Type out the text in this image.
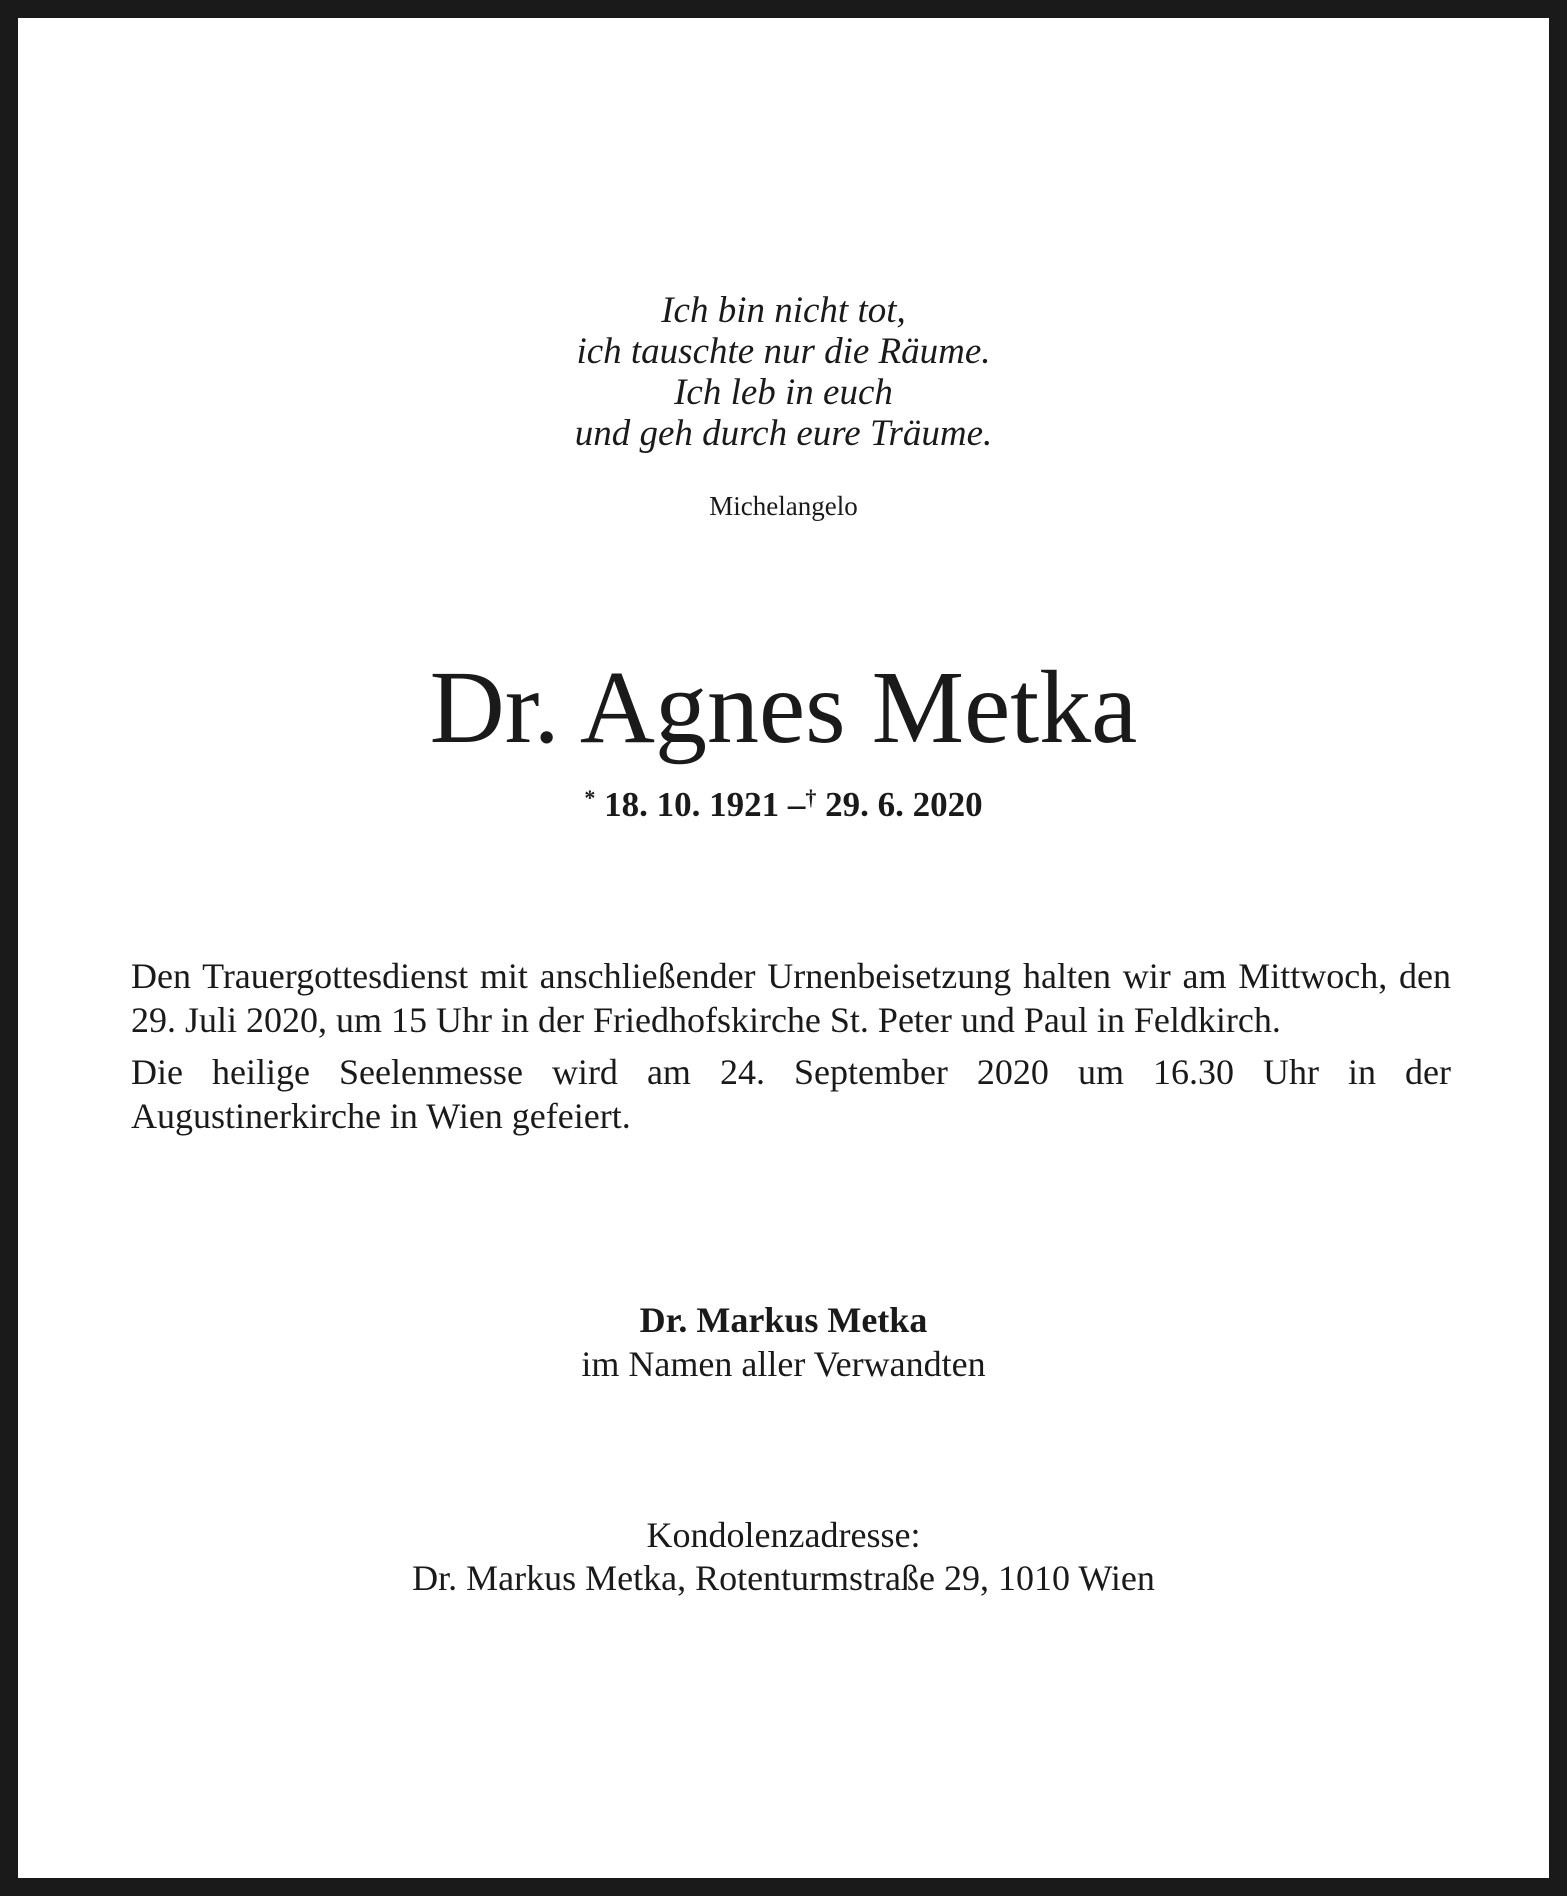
Ich bin nicht tot,
ich tauschte nur die Räume.
Ich leb in euch
und geh durch eure Träume.
Michelangelo
Dr. Agnes Metka
* 18. 10. 1921 –† 29. 6. 2020

Den Trauergottesdienst mit anschließender Urnenbeisetzung halten wir am Mittwoch, den 29. Juli 2020, um 15 Uhr in der Friedhofskirche St. Peter und Paul in Feldkirch.

Die heilige Seelenmesse wird am 24. September 2020 um 16.30 Uhr in der Augustinerkirche in Wien gefeiert.

Dr. Markus Metka
im Namen aller Verwandten
Kondolenzadresse:
Dr. Markus Metka, Rotenturmstraße 29, 1010 Wien
